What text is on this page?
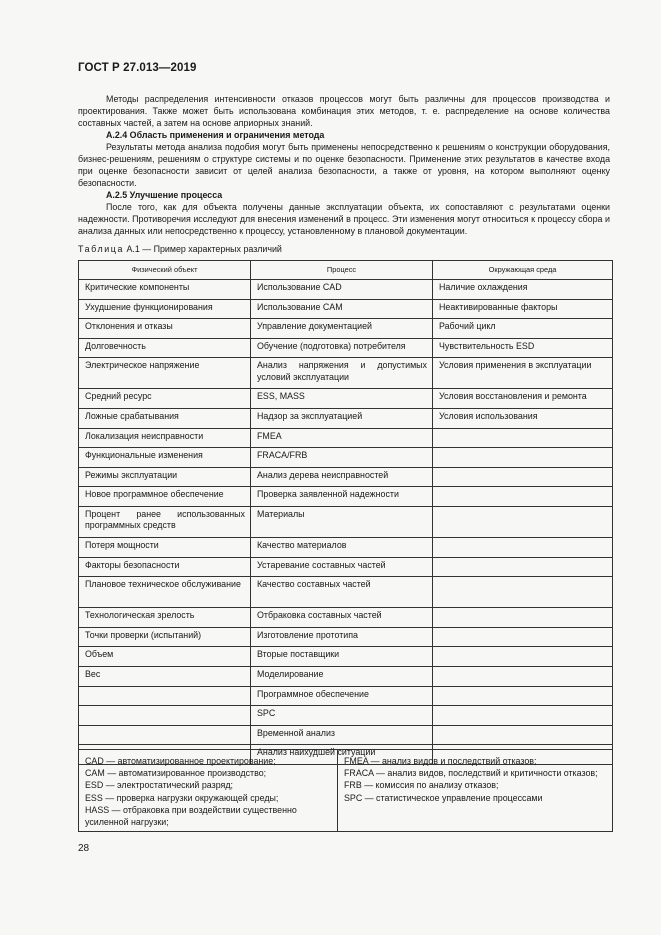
ГОСТ Р 27.013—2019

Методы распределения интенсивности отказов процессов могут быть различны для процессов производства и проектирования. Также может быть использована комбинация этих методов, т. е. распределение на основе количества составных частей, а затем на основе априорных знаний.

А.2.4 Область применения и ограничения метода

Результаты метода анализа подобия могут быть применены непосредственно к решениям о конструкции оборудования, бизнес-решениям, решениям о структуре системы и по оценке безопасности. Применение этих результатов в качестве входа при оценке безопасности зависит от целей анализа безопасности, а также от уровня, на котором выполняют оценку безопасности.

А.2.5 Улучшение процесса

После того, как для объекта получены данные эксплуатации объекта, их сопоставляют с результатами оценки надежности. Противоречия исследуют для внесения изменений в процесс. Эти изменения могут относиться к процессу сбора и анализа данных или непосредственно к процессу, установленному в плановой документации.

Таблица А.1 — Пример характерных различий
Физический объект	Процесс	Окружающая среда
Критические компоненты	Использование CAD	Наличие охлаждения
Ухудшение функционирования	Использование CAM	Неактивированные факторы
Отклонения и отказы	Управление документацией	Рабочий цикл
Долговечность	Обучение (подготовка) потребителя	Чувствительность ESD
Электрическое напряжение	Анализ напряжения и допустимых условий эксплуатации	Условия применения в эксплуатации
Средний ресурс	ESS, MASS	Условия восстановления и ремонта
Ложные срабатывания	Надзор за эксплуатацией	Условия использования
Локализация неисправности	FMEA	
Функциональные изменения	FRACA/FRB	
Режимы эксплуатации	Анализ дерева неисправностей	
Новое программное обеспечение	Проверка заявленной надежности	
Процент ранее использованных программных средств	Материалы	
Потеря мощности	Качество материалов	
Факторы безопасности	Устаревание составных частей	
Плановое техническое обслуживание	Качество составных частей	
Технологическая зрелость	Отбраковка составных частей	
Точки проверки (испытаний)	Изготовление прототипа	
Объем	Вторые поставщики	
Вес	Моделирование	
	Программное обеспечение	
	SPC	
	Временной анализ	
	Анализ наихудшей ситуации	
CAD — автоматизированное проектирование;
CAM — автоматизированное производство;
ESD — электростатический разряд;
ESS — проверка нагрузки окружающей среды;
HASS — отбраковка при воздействии существенно усиленной нагрузки;

FMEA — анализ видов и последствий отказов;
FRACA — анализ видов, последствий и критичности отказов;
FRB — комиссия по анализу отказов;
SPC — статистическое управление процессами
28
